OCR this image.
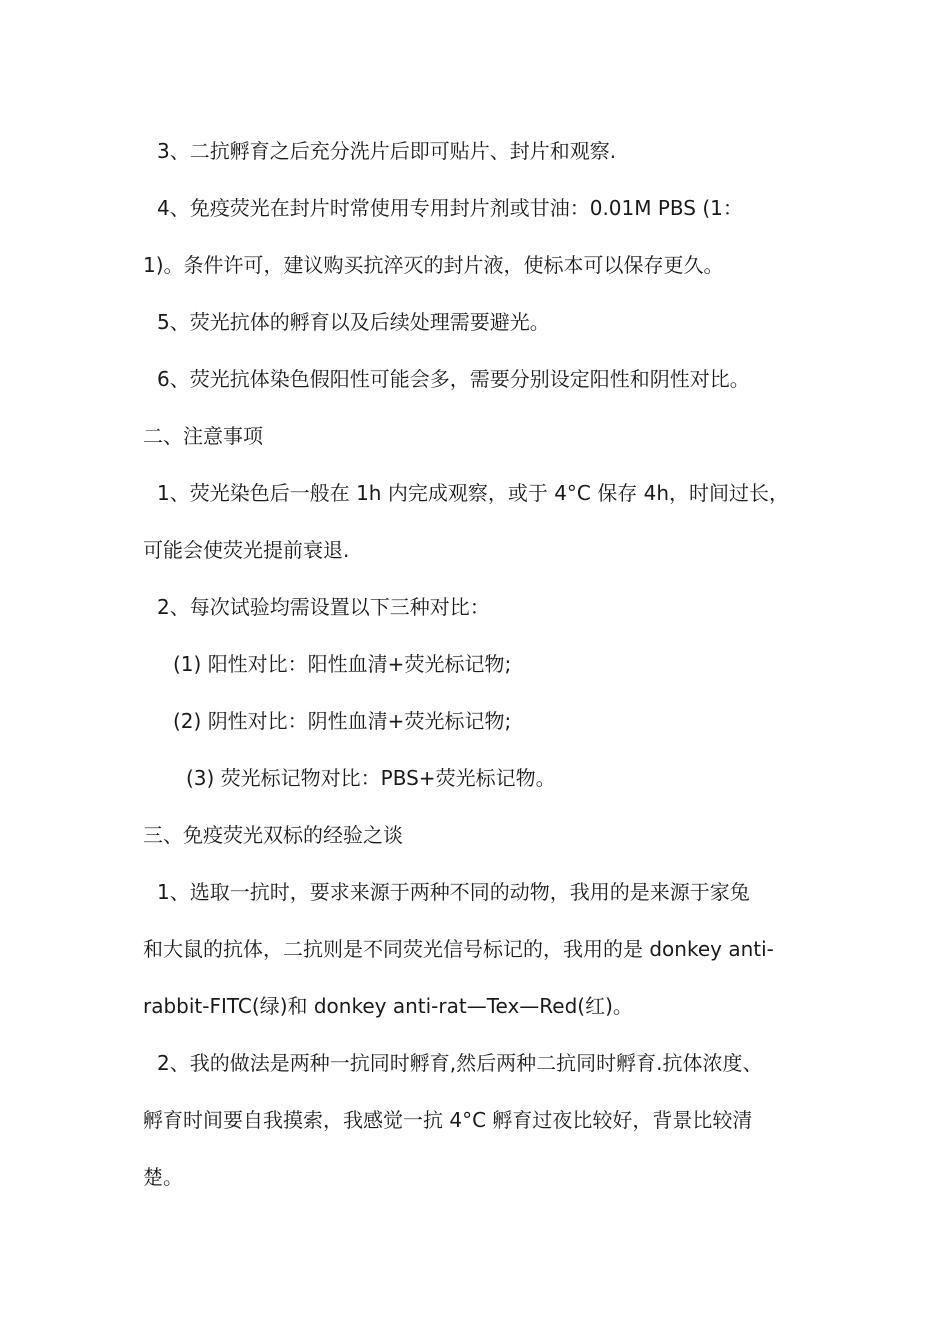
3、二抗孵育之后充分洗片后即可贴片、封片和观察.
4、免疫荧光在封片时常使用专用封片剂或甘油：0.01M PBS (1：
1)。条件许可，建议购买抗淬灭的封片液，使标本可以保存更久。
5、荧光抗体的孵育以及后续处理需要避光。
6、荧光抗体染色假阳性可能会多，需要分别设定阳性和阴性对比。
二、注意事项
1、荧光染色后一般在 1h 内完成观察，或于 4°C 保存 4h，时间过长，
可能会使荧光提前衰退.
2、每次试验均需设置以下三种对比：
(1) 阳性对比：阳性血清+荧光标记物;
(2) 阴性对比：阴性血清+荧光标记物;
(3) 荧光标记物对比：PBS+荧光标记物。
三、免疫荧光双标的经验之谈
1、选取一抗时，要求来源于两种不同的动物，我用的是来源于家兔
和大鼠的抗体，二抗则是不同荧光信号标记的，我用的是 donkey anti-
rabbit-FITC(绿)和 donkey anti-rat—Tex—Red(红)。
2、我的做法是两种一抗同时孵育,然后两种二抗同时孵育.抗体浓度、
孵育时间要自我摸索，我感觉一抗 4°C 孵育过夜比较好，背景比较清
楚。
